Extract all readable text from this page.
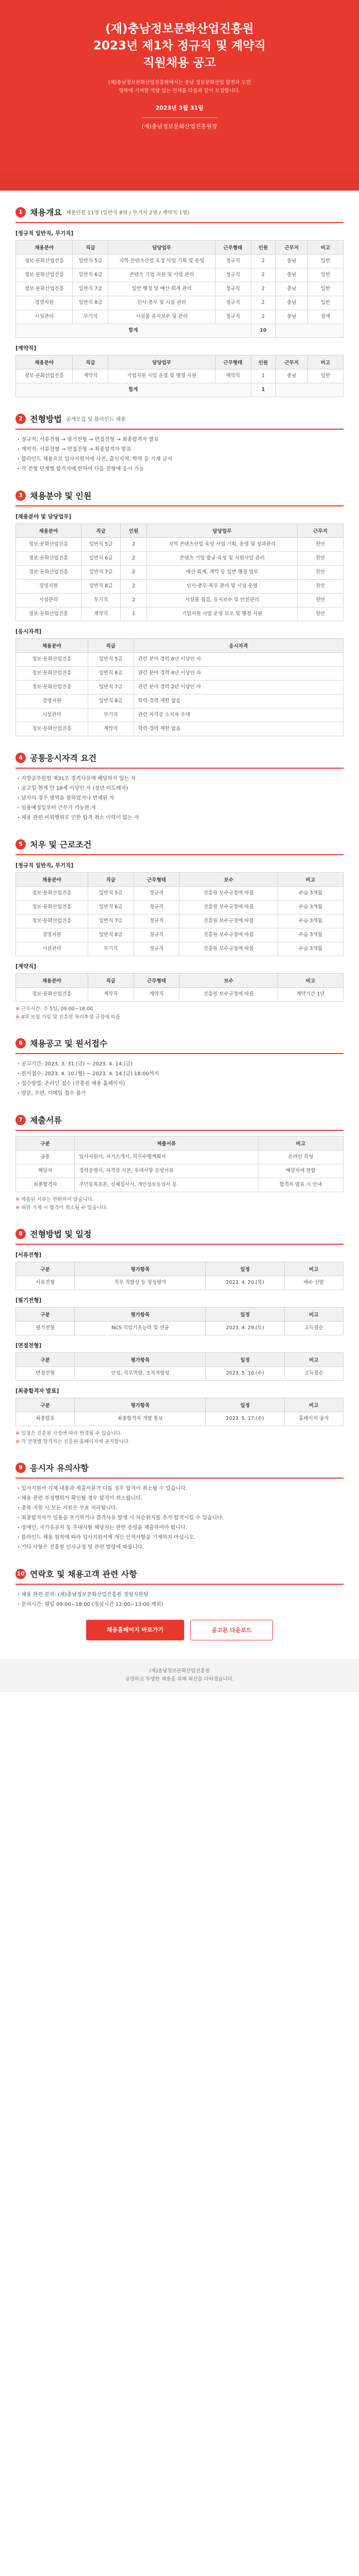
(재)충남정보문화산업진흥원
2023년 제1차 정규직 및 계약직
직원채용 공고
(재)충남정보문화산업진흥원에서는 충남 정보문화산업 발전과 도민
행복에 기여할 역량 있는 인재를 다음과 같이 모집합니다.
2023년 3월 31일
(재)충남정보문화산업진흥원장
1 채용개요 채용인원 11명 (일반직 8명 / 무기직 2명 / 계약직 1명)
[정규직 일반직, 무기직]
채용분야	직급	담당업무	근무형태	인원	근무지	비고
정보·문화산업진흥	일반직 5급	지역 콘텐츠산업 육성 사업 기획 및 운영	정규직	2	충남	일반
정보·문화산업진흥	일반직 6급	콘텐츠 기업 지원 및 사업 관리	정규직	2	충남	일반
정보·문화산업진흥	일반직 7급	일반 행정 및 예산·회계 관리	정규직	2	충남	일반
경영지원	일반직 8급	인사·총무 및 시설 관리	정규직	2	충남	일반
시설관리	무기직	시설물 유지보수 및 관리	정규직	2	충남	장애
합계				10		
[계약직]
채용분야	직급	담당업무	근무형태	인원	근무지	비고
정보·문화산업진흥	계약직	기업지원 사업 운영 및 행정 지원	계약직	1	충남	일반
합계				1		
2 전형방법 공개모집 및 블라인드 채용

· 정규직: 서류전형 → 필기전형 → 면접전형 → 최종합격자 발표

· 계약직: 서류전형 → 면접전형 → 최종합격자 발표

· 블라인드 채용으로 입사지원서에 사진, 출신지역, 학력 등 기재 금지

· 각 전형 단계별 합격자에 한하여 다음 전형에 응시 가능

3 채용분야 및 인원
[채용분야 및 담당업무]
채용분야	직급	인원	담당업무	근무지
정보·문화산업진흥	일반직 5급	2	지역 콘텐츠산업 육성 사업 기획, 운영 및 성과관리	천안
정보·문화산업진흥	일반직 6급	2	콘텐츠 기업 발굴·육성 및 지원사업 관리	천안
정보·문화산업진흥	일반직 7급	2	예산·회계, 계약 등 일반 행정 업무	천안
경영지원	일반직 8급	2	인사·총무·복무 관리 및 시설 운영	천안
시설관리	무기직	2	시설물 점검, 유지보수 및 안전관리	천안
정보·문화산업진흥	계약직	1	기업지원 사업 운영 보조 및 행정 지원	천안
[응시자격]
채용분야	직급	응시자격
정보·문화산업진흥	일반직 5급	관련 분야 경력 6년 이상인 자
정보·문화산업진흥	일반직 6급	관련 분야 경력 4년 이상인 자
정보·문화산업진흥	일반직 7급	관련 분야 경력 2년 이상인 자
경영지원	일반직 8급	학력·경력 제한 없음
시설관리	무기직	관련 자격증 소지자 우대
정보·문화산업진흥	계약직	학력·경력 제한 없음
4 공통응시자격 요건

· 지방공무원법 제31조 결격사유에 해당하지 않는 자

· 공고일 현재 만 18세 이상인 자 (정년 미도래자)

· 남자의 경우 병역을 필하였거나 면제된 자

· 임용예정일부터 근무가 가능한 자

· 채용 관련 비위행위로 인한 합격 취소 이력이 없는 자

5 처우 및 근로조건
[정규직 일반직, 무기직]
채용분야	직급	근무형태	보수	비고
정보·문화산업진흥	일반직 5급	정규직	진흥원 보수규정에 따름	수습 3개월
정보·문화산업진흥	일반직 6급	정규직	진흥원 보수규정에 따름	수습 3개월
정보·문화산업진흥	일반직 7급	정규직	진흥원 보수규정에 따름	수습 3개월
경영지원	일반직 8급	정규직	진흥원 보수규정에 따름	수습 3개월
시설관리	무기직	정규직	진흥원 보수규정에 따름	수습 3개월
[계약직]
채용분야	직급	근무형태	보수	비고
정보·문화산업진흥	계약직	계약직	진흥원 보수규정에 따름	계약기간 1년

※ 근무시간: 주 5일, 09:00~18:00

※ 4대 보험 가입 및 진흥원 복리후생 규정에 따름

6 채용공고 및 원서접수

· 공고기간: 2023. 3. 31.(금) ~ 2023. 4. 14.(금)

· 원서접수: 2023. 4. 10.(월) ~ 2023. 4. 14.(금) 18:00까지

· 접수방법: 온라인 접수 (진흥원 채용 홈페이지)

· 방문, 우편, 이메일 접수 불가

7 제출서류
구분	제출서류	비고
공통	입사지원서, 자기소개서, 직무수행계획서	온라인 작성
해당자	경력증명서, 자격증 사본, 우대사항 증빙서류	해당자에 한함
최종합격자	주민등록초본, 신체검사서, 개인정보동의서 등	합격자 발표 시 안내

※ 제출된 서류는 반환하지 않습니다.

※ 허위 기재 시 합격이 취소될 수 있습니다.

8 전형방법 및 일정
[서류전형]
구분	평가항목	일정	비고
서류전형	직무 적합성 등 정성평가	2023. 4. 20.(목)	배수 선발
[필기전형]
구분	평가항목	일정	비고
필기전형	NCS 직업기초능력 및 전공	2023. 4. 29.(토)	고득점순
[면접전형]
구분	평가항목	일정	비고
면접전형	인성, 직무역량, 조직적합성	2023. 5. 10.(수)	고득점순
[최종합격자 발표]
구분	평가항목	일정	비고
최종발표	최종합격자 개별 통보	2023. 5. 17.(수)	홈페이지 공지

※ 일정은 진흥원 사정에 따라 변경될 수 있습니다.

※ 각 전형별 합격자는 진흥원 홈페이지에 공지합니다.

9 응시자 유의사항

· 입사지원서 기재 내용과 제출서류가 다를 경우 합격이 취소될 수 있습니다.

· 채용 관련 부정행위가 확인될 경우 합격이 취소됩니다.

· 중복 지원 시 모든 지원은 무효 처리됩니다.

· 최종합격자가 임용을 포기하거나 결격사유 발생 시 차순위자를 추가 합격시킬 수 있습니다.

· 장애인, 국가유공자 등 우대사항 해당자는 관련 증빙을 제출하여야 합니다.

· 블라인드 채용 원칙에 따라 입사지원서에 개인 인적사항을 기재하지 마십시오.

· 기타 사항은 진흥원 인사규정 및 관련 법령에 따릅니다.

10 연락호 및 채용고객 관련 사항

· 채용 관련 문의: (재)충남정보문화산업진흥원 경영지원팀

· 문의시간: 평일 09:00~18:00 (점심시간 12:00~13:00 제외)

채용홈페이지 바로가기	공고문 다운로드
(재)충남정보문화산업진흥원
공정하고 투명한 채용을 위해 최선을 다하겠습니다.
